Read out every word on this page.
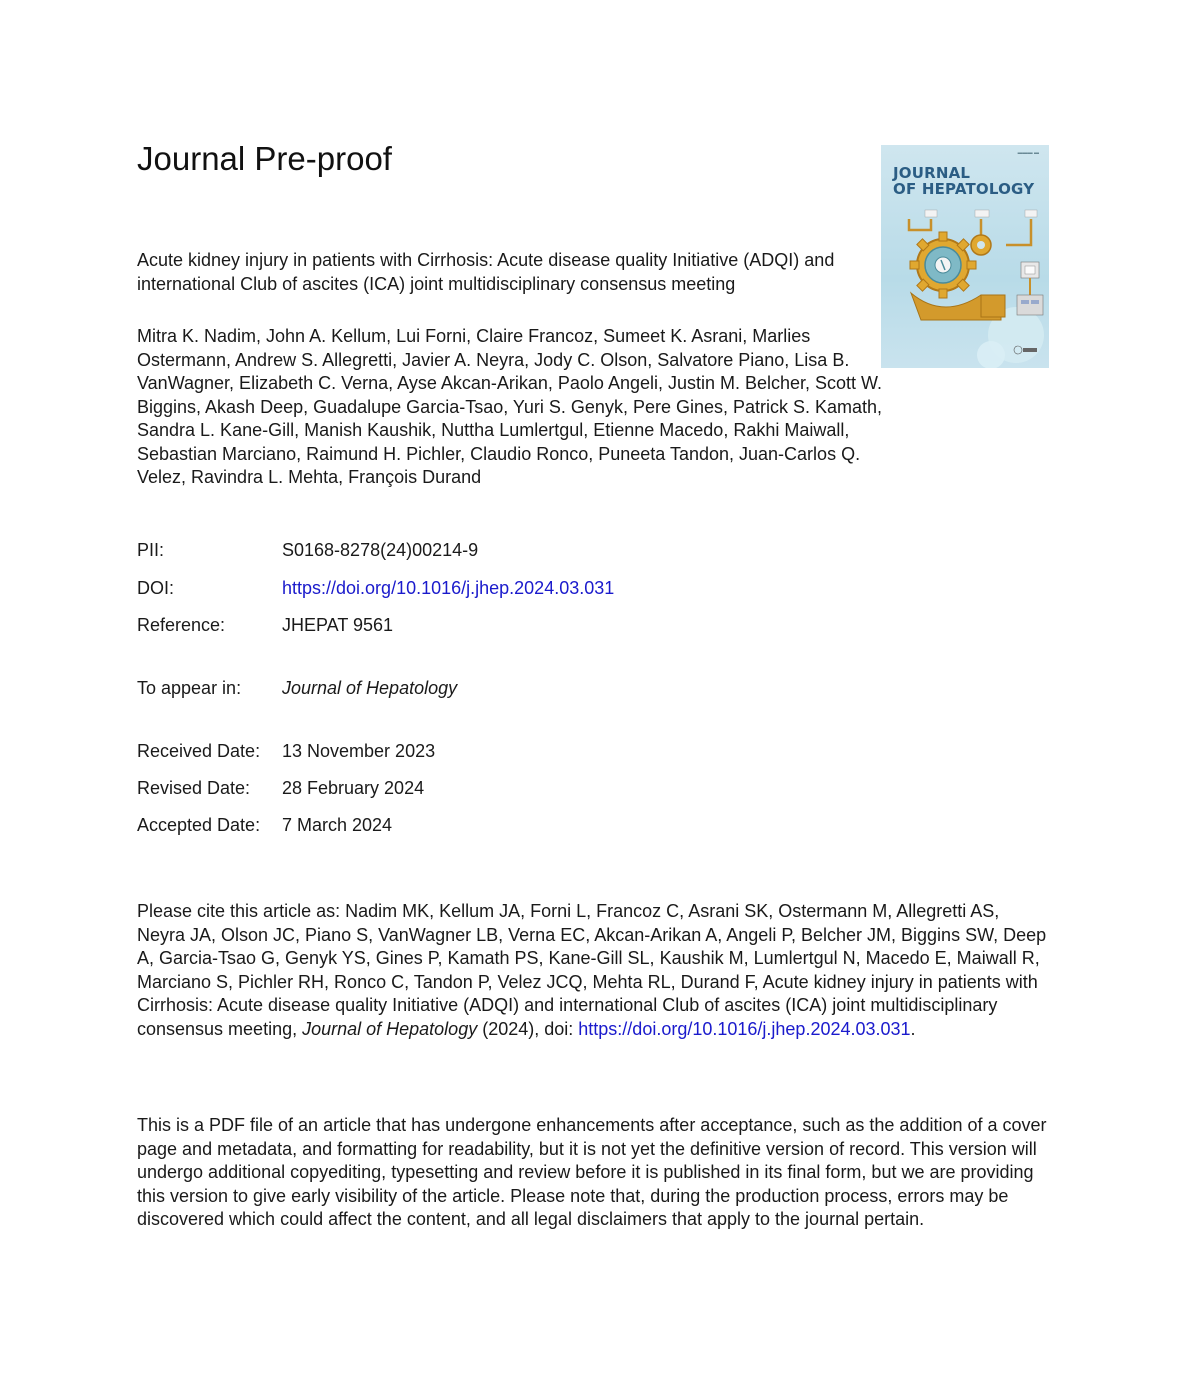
Journal Pre-proof
Acute kidney injury in patients with Cirrhosis: Acute disease quality Initiative (ADQI) and international Club of ascites (ICA) joint multidisciplinary consensus meeting
Mitra K. Nadim, John A. Kellum, Lui Forni, Claire Francoz, Sumeet K. Asrani, Marlies Ostermann, Andrew S. Allegretti, Javier A. Neyra, Jody C. Olson, Salvatore Piano, Lisa B. VanWagner, Elizabeth C. Verna, Ayse Akcan-Arikan, Paolo Angeli, Justin M. Belcher, Scott W. Biggins, Akash Deep, Guadalupe Garcia-Tsao, Yuri S. Genyk, Pere Gines, Patrick S. Kamath, Sandra L. Kane-Gill, Manish Kaushik, Nuttha Lumlertgul, Etienne Macedo, Rakhi Maiwall, Sebastian Marciano, Raimund H. Pichler, Claudio Ronco, Puneeta Tandon, Juan-Carlos Q. Velez, Ravindra L. Mehta, François Durand
PII:	S0168-8278(24)00214-9
DOI:	https://doi.org/10.1016/j.jhep.2024.03.031
Reference:	JHEPAT 9561
To appear in: Journal of Hepatology
Received Date: 13 November 2023
Revised Date: 28 February 2024
Accepted Date: 7 March 2024
Please cite this article as: Nadim MK, Kellum JA, Forni L, Francoz C, Asrani SK, Ostermann M, Allegretti AS, Neyra JA, Olson JC, Piano S, VanWagner LB, Verna EC, Akcan-Arikan A, Angeli P, Belcher JM, Biggins SW, Deep A, Garcia-Tsao G, Genyk YS, Gines P, Kamath PS, Kane-Gill SL, Kaushik M, Lumlertgul N, Macedo E, Maiwall R, Marciano S, Pichler RH, Ronco C, Tandon P, Velez JCQ, Mehta RL, Durand F, Acute kidney injury in patients with Cirrhosis: Acute disease quality Initiative (ADQI) and international Club of ascites (ICA) joint multidisciplinary consensus meeting, Journal of Hepatology (2024), doi: https://doi.org/10.1016/j.jhep.2024.03.031.
This is a PDF file of an article that has undergone enhancements after acceptance, such as the addition of a cover page and metadata, and formatting for readability, but it is not yet the definitive version of record. This version will undergo additional copyediting, typesetting and review before it is published in its final form, but we are providing this version to give early visibility of the article. Please note that, during the production process, errors may be discovered which could affect the content, and all legal disclaimers that apply to the journal pertain.
▬▬▬ ▬
JOURNAL
OF HEPATOLOGY
